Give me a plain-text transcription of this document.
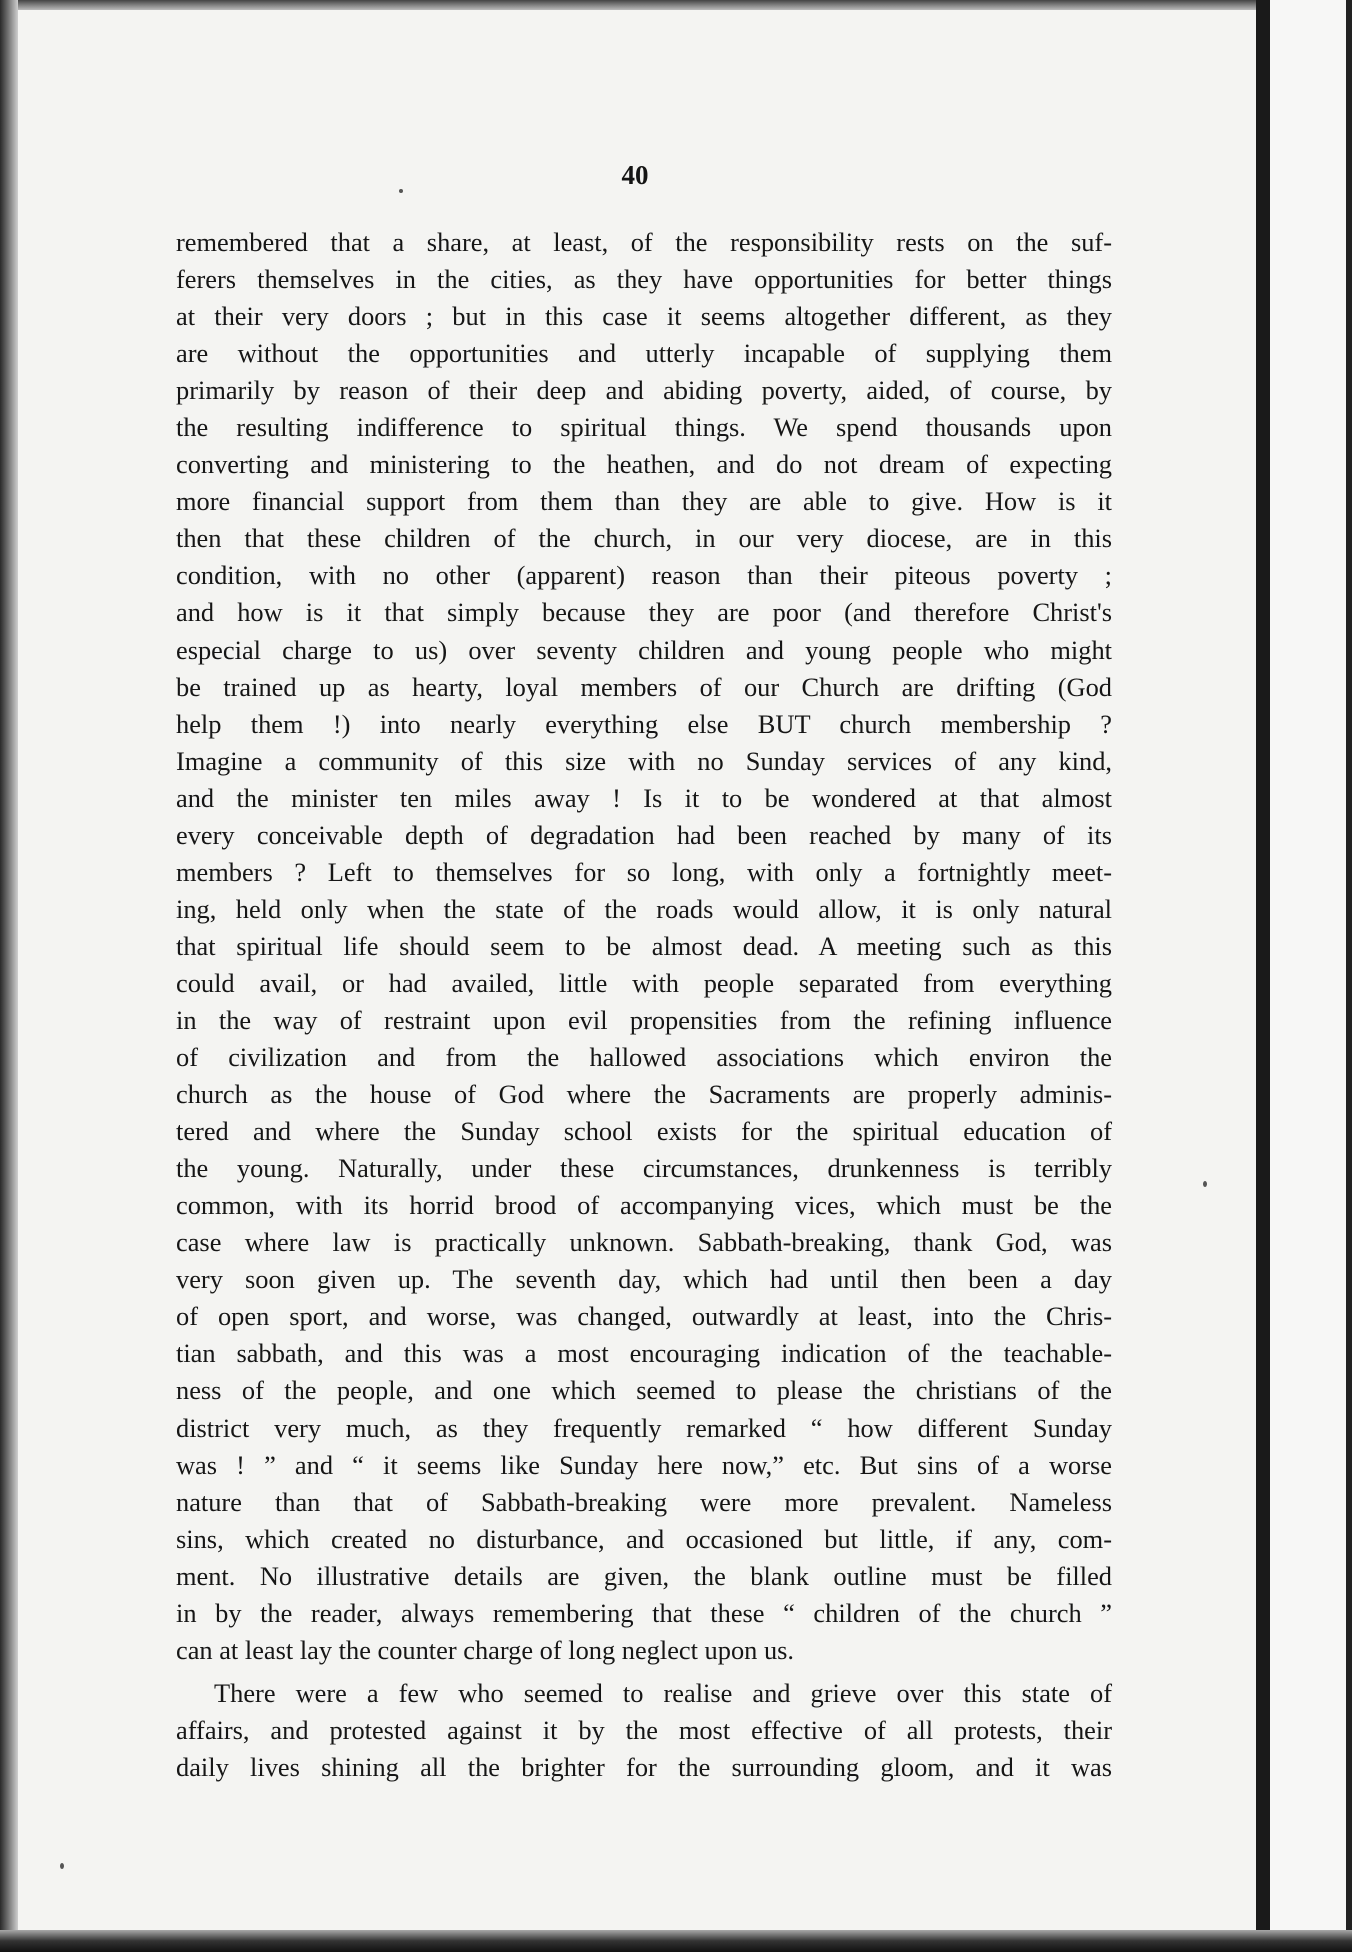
40

remembered that a share, at least, of the responsibility rests on the suf-
ferers themselves in the cities, as they have opportunities for better things
at their very doors ; but in this case it seems altogether different, as they
are without the opportunities and utterly incapable of supplying them
primarily by reason of their deep and abiding poverty, aided, of course, by
the resulting indifference to spiritual things. We spend thousands upon
converting and ministering to the heathen, and do not dream of expecting
more financial support from them than they are able to give. How is it
then that these children of the church, in our very diocese, are in this
condition, with no other (apparent) reason than their piteous poverty ;
and how is it that simply because they are poor (and therefore Christ's
especial charge to us) over seventy children and young people who might
be trained up as hearty, loyal members of our Church are drifting (God
help them !) into nearly everything else BUT church membership ?
Imagine a community of this size with no Sunday services of any kind,
and the minister ten miles away ! Is it to be wondered at that almost
every conceivable depth of degradation had been reached by many of its
members ? Left to themselves for so long, with only a fortnightly meet-
ing, held only when the state of the roads would allow, it is only natural
that spiritual life should seem to be almost dead. A meeting such as this
could avail, or had availed, little with people separated from everything
in the way of restraint upon evil propensities from the refining influence
of civilization and from the hallowed associations which environ the
church as the house of God where the Sacraments are properly adminis-
tered and where the Sunday school exists for the spiritual education of
the young. Naturally, under these circumstances, drunkenness is terribly
common, with its horrid brood of accompanying vices, which must be the
case where law is practically unknown. Sabbath-breaking, thank God, was
very soon given up. The seventh day, which had until then been a day
of open sport, and worse, was changed, outwardly at least, into the Chris-
tian sabbath, and this was a most encouraging indication of the teachable-
ness of the people, and one which seemed to please the christians of the
district very much, as they frequently remarked “ how different Sunday
was ! ” and “ it seems like Sunday here now,” etc. But sins of a worse
nature than that of Sabbath-breaking were more prevalent. Nameless
sins, which created no disturbance, and occasioned but little, if any, com-
ment. No illustrative details are given, the blank outline must be filled
in by the reader, always remembering that these “ children of the church ”
can at least lay the counter charge of long neglect upon us.

There were a few who seemed to realise and grieve over this state of
affairs, and protested against it by the most effective of all protests, their
daily lives shining all the brighter for the surrounding gloom, and it was
